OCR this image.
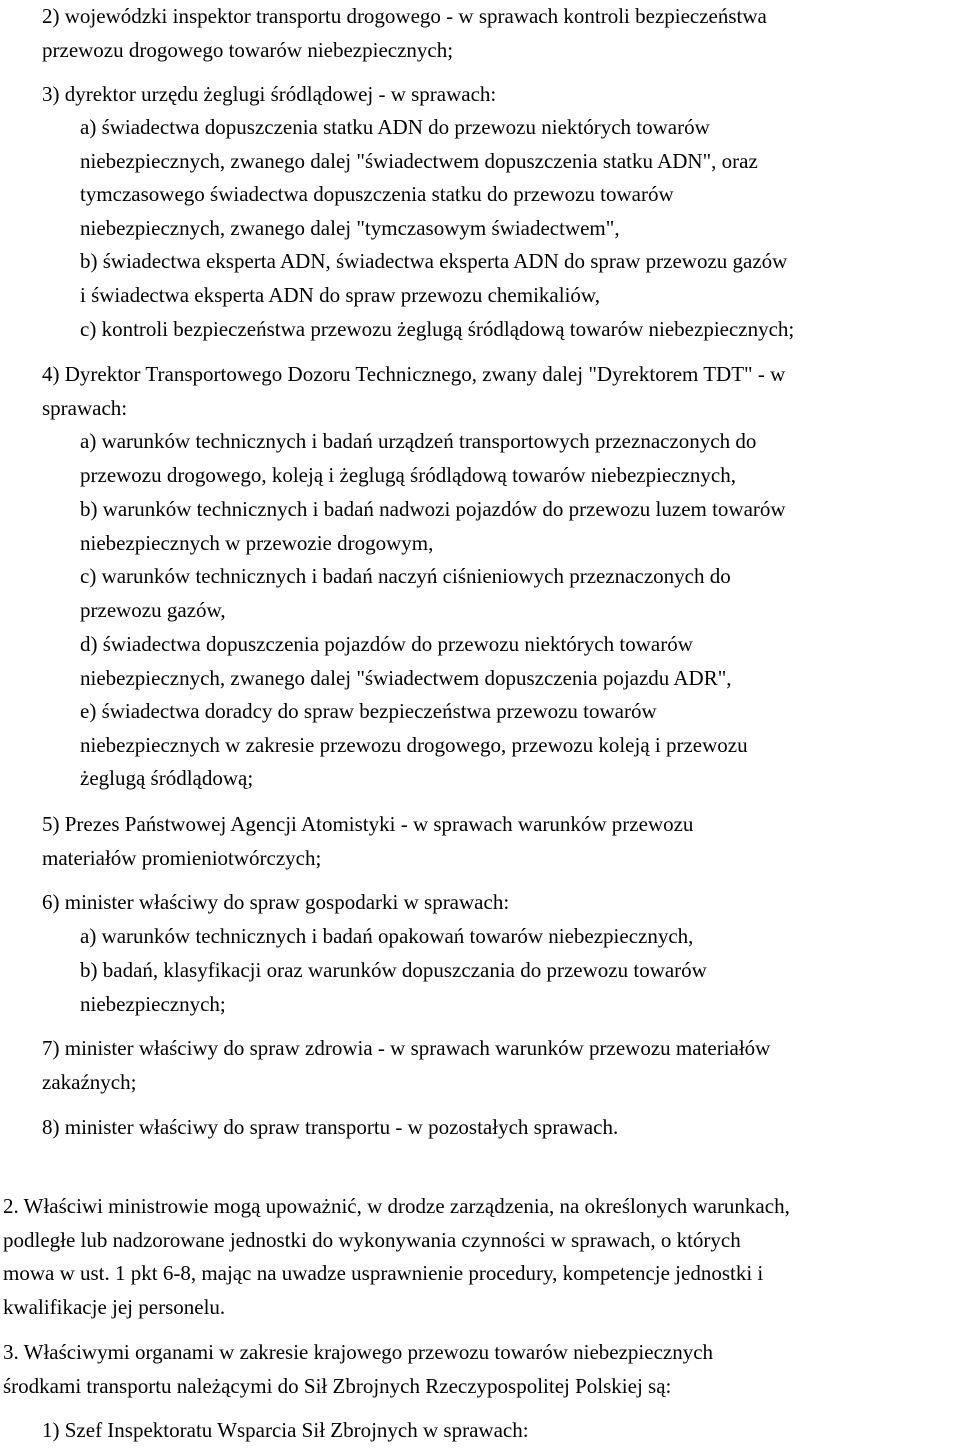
2) wojewódzki inspektor transportu drogowego - w sprawach kontroli bezpieczeństwa
przewozu drogowego towarów niebezpiecznych;
3) dyrektor urzędu żeglugi śródlądowej - w sprawach:
a) świadectwa dopuszczenia statku ADN do przewozu niektórych towarów
niebezpiecznych, zwanego dalej "świadectwem dopuszczenia statku ADN", oraz
tymczasowego świadectwa dopuszczenia statku do przewozu towarów
niebezpiecznych, zwanego dalej "tymczasowym świadectwem",
b) świadectwa eksperta ADN, świadectwa eksperta ADN do spraw przewozu gazów
i świadectwa eksperta ADN do spraw przewozu chemikaliów,
c) kontroli bezpieczeństwa przewozu żeglugą śródlądową towarów niebezpiecznych;
4) Dyrektor Transportowego Dozoru Technicznego, zwany dalej "Dyrektorem TDT" - w
sprawach:
a) warunków technicznych i badań urządzeń transportowych przeznaczonych do
przewozu drogowego, koleją i żeglugą śródlądową towarów niebezpiecznych,
b) warunków technicznych i badań nadwozi pojazdów do przewozu luzem towarów
niebezpiecznych w przewozie drogowym,
c) warunków technicznych i badań naczyń ciśnieniowych przeznaczonych do
przewozu gazów,
d) świadectwa dopuszczenia pojazdów do przewozu niektórych towarów
niebezpiecznych, zwanego dalej "świadectwem dopuszczenia pojazdu ADR",
e) świadectwa doradcy do spraw bezpieczeństwa przewozu towarów
niebezpiecznych w zakresie przewozu drogowego, przewozu koleją i przewozu
żeglugą śródlądową;
5) Prezes Państwowej Agencji Atomistyki - w sprawach warunków przewozu
materiałów promieniotwórczych;
6) minister właściwy do spraw gospodarki w sprawach:
a) warunków technicznych i badań opakowań towarów niebezpiecznych,
b) badań, klasyfikacji oraz warunków dopuszczania do przewozu towarów
niebezpiecznych;
7) minister właściwy do spraw zdrowia - w sprawach warunków przewozu materiałów
zakaźnych;
8) minister właściwy do spraw transportu - w pozostałych sprawach.
2. Właściwi ministrowie mogą upoważnić, w drodze zarządzenia, na określonych warunkach,
podległe lub nadzorowane jednostki do wykonywania czynności w sprawach, o których
mowa w ust. 1 pkt 6-8, mając na uwadze usprawnienie procedury, kompetencje jednostki i
kwalifikacje jej personelu.
3. Właściwymi organami w zakresie krajowego przewozu towarów niebezpiecznych
środkami transportu należącymi do Sił Zbrojnych Rzeczypospolitej Polskiej są:
1) Szef Inspektoratu Wsparcia Sił Zbrojnych w sprawach:
